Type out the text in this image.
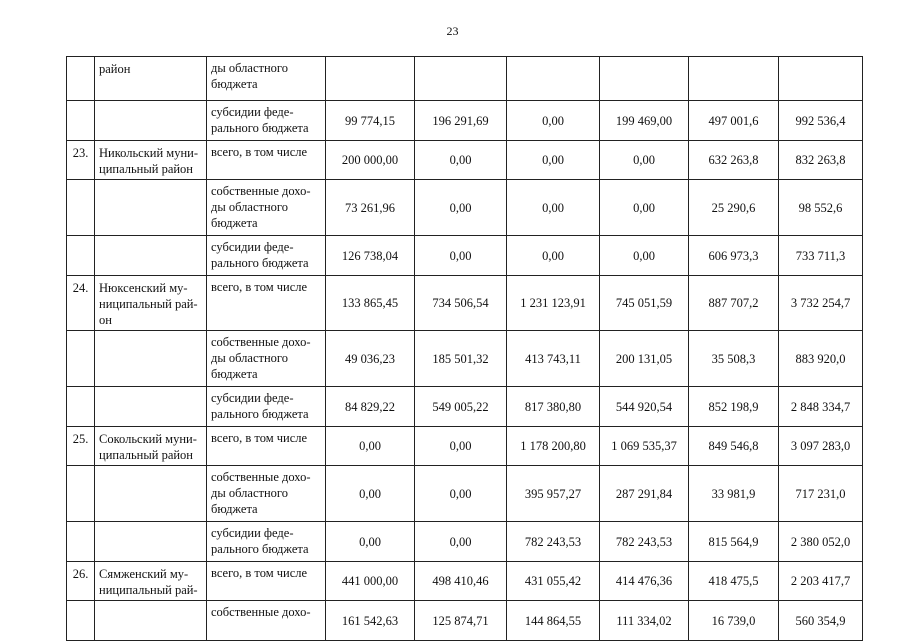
23
	район	ды областного
бюджета						
		субсидии феде-
рального бюджета	99 774,15	196 291,69	0,00	199 469,00	497 001,6	992 536,4
23.	Никольский муни-
ципальный район	всего, в том числе	200 000,00	0,00	0,00	0,00	632 263,8	832 263,8
		собственные дохо-
ды областного
бюджета	73 261,96	0,00	0,00	0,00	25 290,6	98 552,6
		субсидии феде-
рального бюджета	126 738,04	0,00	0,00	0,00	606 973,3	733 711,3
24.	Нюксенский му-
ниципальный рай-
он	всего, в том числе	133 865,45	734 506,54	1 231 123,91	745 051,59	887 707,2	3 732 254,7
		собственные дохо-
ды областного
бюджета	49 036,23	185 501,32	413 743,11	200 131,05	35 508,3	883 920,0
		субсидии феде-
рального бюджета	84 829,22	549 005,22	817 380,80	544 920,54	852 198,9	2 848 334,7
25.	Сокольский муни-
ципальный район	всего, в том числе	0,00	0,00	1 178 200,80	1 069 535,37	849 546,8	3 097 283,0
		собственные дохо-
ды областного
бюджета	0,00	0,00	395 957,27	287 291,84	33 981,9	717 231,0
		субсидии феде-
рального бюджета	0,00	0,00	782 243,53	782 243,53	815 564,9	2 380 052,0
26.	Сямженский му-
ниципальный рай-	всего, в том числе	441 000,00	498 410,46	431 055,42	414 476,36	418 475,5	2 203 417,7
		собственные дохо-	161 542,63	125 874,71	144 864,55	111 334,02	16 739,0	560 354,9
